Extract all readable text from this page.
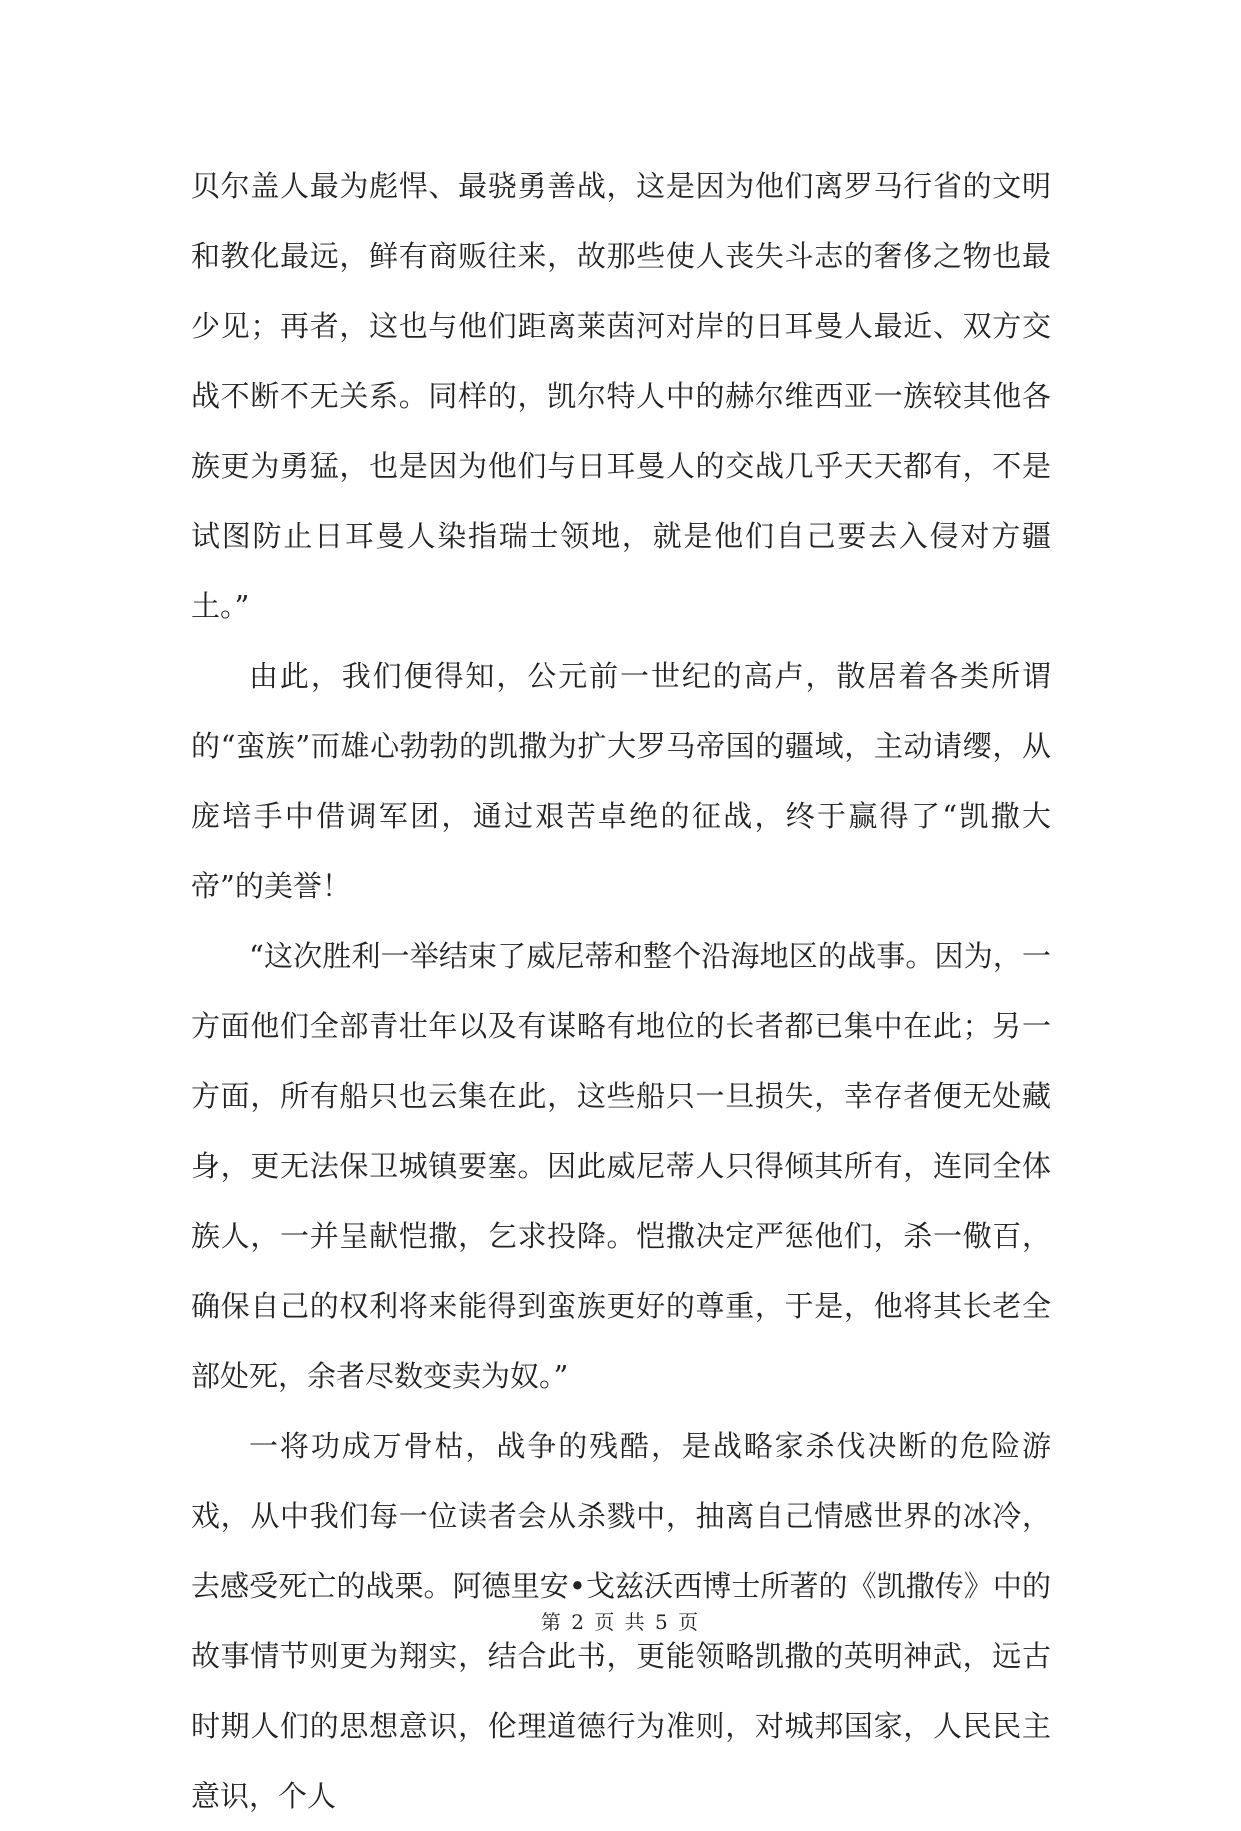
贝尔盖人最为彪悍、最骁勇善战，这是因为他们离罗马行省的文明和教化最远，鲜有商贩往来，故那些使人丧失斗志的奢侈之物也最少见；再者，这也与他们距离莱茵河对岸的日耳曼人最近、双方交战不断不无关系。同样的，凯尔特人中的赫尔维西亚一族较其他各族更为勇猛，也是因为他们与日耳曼人的交战几乎天天都有，不是试图防止日耳曼人染指瑞士领地，就是他们自己要去入侵对方疆土。”

由此，我们便得知，公元前一世纪的高卢，散居着各类所谓的“蛮族”而雄心勃勃的凯撒为扩大罗马帝国的疆域，主动请缨，从庞培手中借调军团，通过艰苦卓绝的征战，终于赢得了“凯撒大帝”的美誉！

“这次胜利一举结束了威尼蒂和整个沿海地区的战事。因为，一方面他们全部青壮年以及有谋略有地位的长者都已集中在此；另一方面，所有船只也云集在此，这些船只一旦损失，幸存者便无处藏身，更无法保卫城镇要塞。因此威尼蒂人只得倾其所有，连同全体族人，一并呈献恺撒，乞求投降。恺撒决定严惩他们，杀一儆百，确保自己的权利将来能得到蛮族更好的尊重，于是，他将其长老全部处死，余者尽数变卖为奴。”

一将功成万骨枯，战争的残酷，是战略家杀伐决断的危险游戏，从中我们每一位读者会从杀戮中，抽离自己情感世界的冰冷，去感受死亡的战栗。阿德里安•戈兹沃西博士所著的《凯撒传》中的故事情节则更为翔实，结合此书，更能领略凯撒的英明神武，远古时期人们的思想意识，伦理道德行为准则，对城邦国家，人民民主意识，个人

第 2 页 共 5 页
